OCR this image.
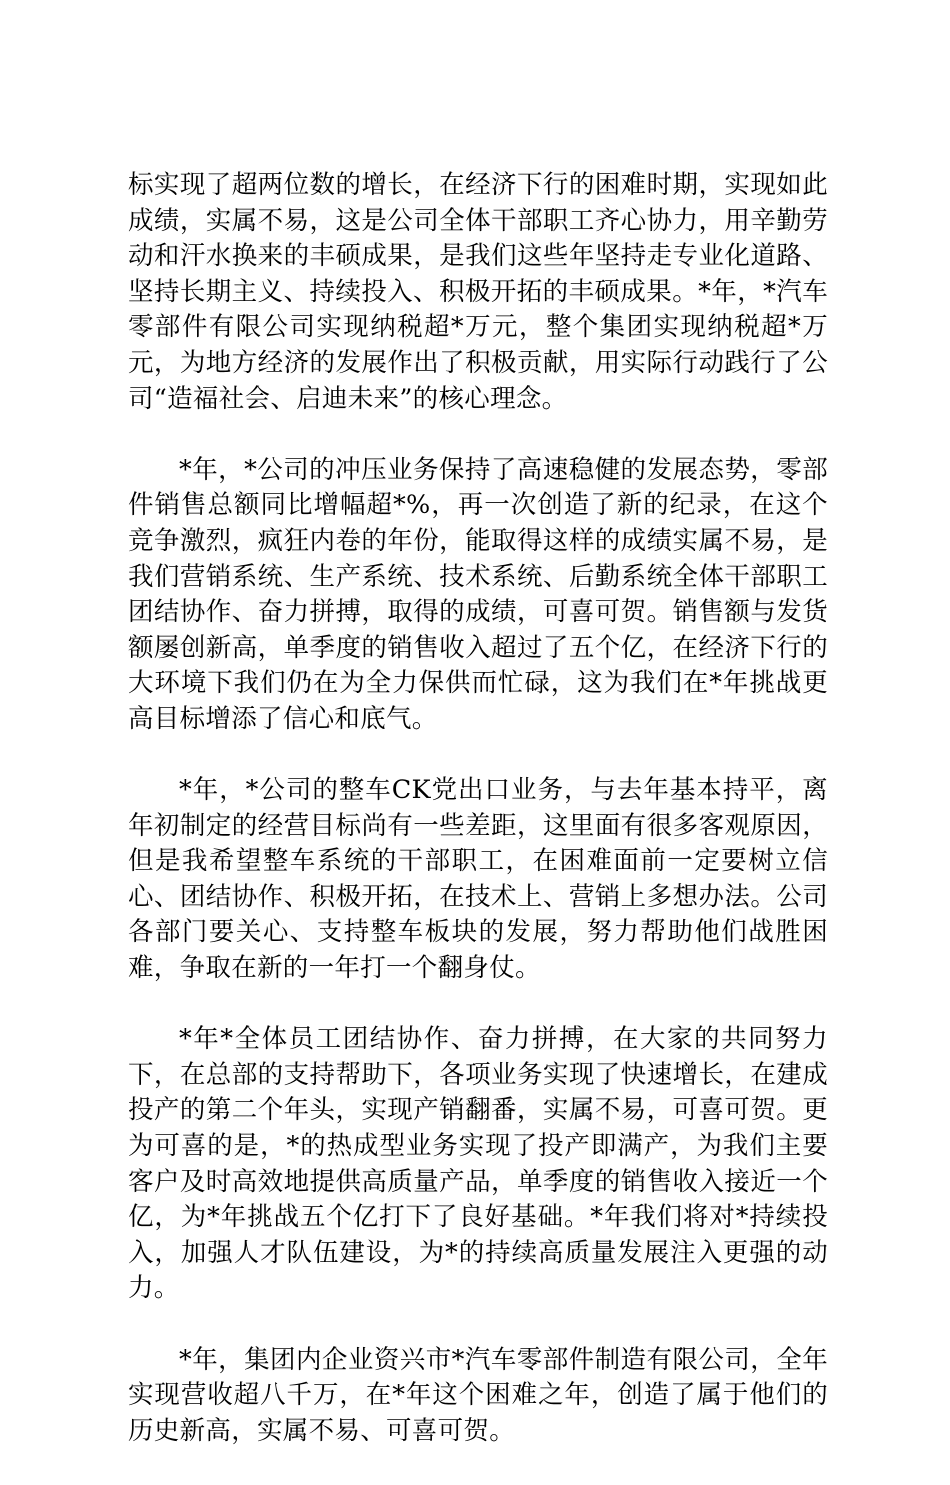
标实现了超两位数的增长，在经济下行的困难时期，实现如此成绩，实属不易，这是公司全体干部职工齐心协力，用辛勤劳动和汗水换来的丰硕成果，是我们这些年坚持走专业化道路、坚持长期主义、持续投入、积极开拓的丰硕成果。*年，*汽车零部件有限公司实现纳税超*万元，整个集团实现纳税超*万元，为地方经济的发展作出了积极贡献，用实际行动践行了公司“造福社会、启迪未来”的核心理念。

*年，*公司的冲压业务保持了高速稳健的发展态势，零部件销售总额同比增幅超*%，再一次创造了新的纪录，在这个竞争激烈，疯狂内卷的年份，能取得这样的成绩实属不易，是我们营销系统、生产系统、技术系统、后勤系统全体干部职工团结协作、奋力拼搏，取得的成绩，可喜可贺。销售额与发货额屡创新高，单季度的销售收入超过了五个亿，在经济下行的大环境下我们仍在为全力保供而忙碌，这为我们在*年挑战更高目标增添了信心和底气。

*年，*公司的整车CK党出口业务，与去年基本持平，离年初制定的经营目标尚有一些差距，这里面有很多客观原因，但是我希望整车系统的干部职工，在困难面前一定要树立信心、团结协作、积极开拓，在技术上、营销上多想办法。公司各部门要关心、支持整车板块的发展，努力帮助他们战胜困难，争取在新的一年打一个翻身仗。

*年*全体员工团结协作、奋力拼搏，在大家的共同努力下，在总部的支持帮助下，各项业务实现了快速增长，在建成投产的第二个年头，实现产销翻番，实属不易，可喜可贺。更为可喜的是，*的热成型业务实现了投产即满产，为我们主要客户及时高效地提供高质量产品，单季度的销售收入接近一个亿，为*年挑战五个亿打下了良好基础。*年我们将对*持续投入，加强人才队伍建设，为*的持续高质量发展注入更强的动力。

*年，集团内企业资兴市*汽车零部件制造有限公司，全年实现营收超八千万，在*年这个困难之年，创造了属于他们的历史新高，实属不易、可喜可贺。
